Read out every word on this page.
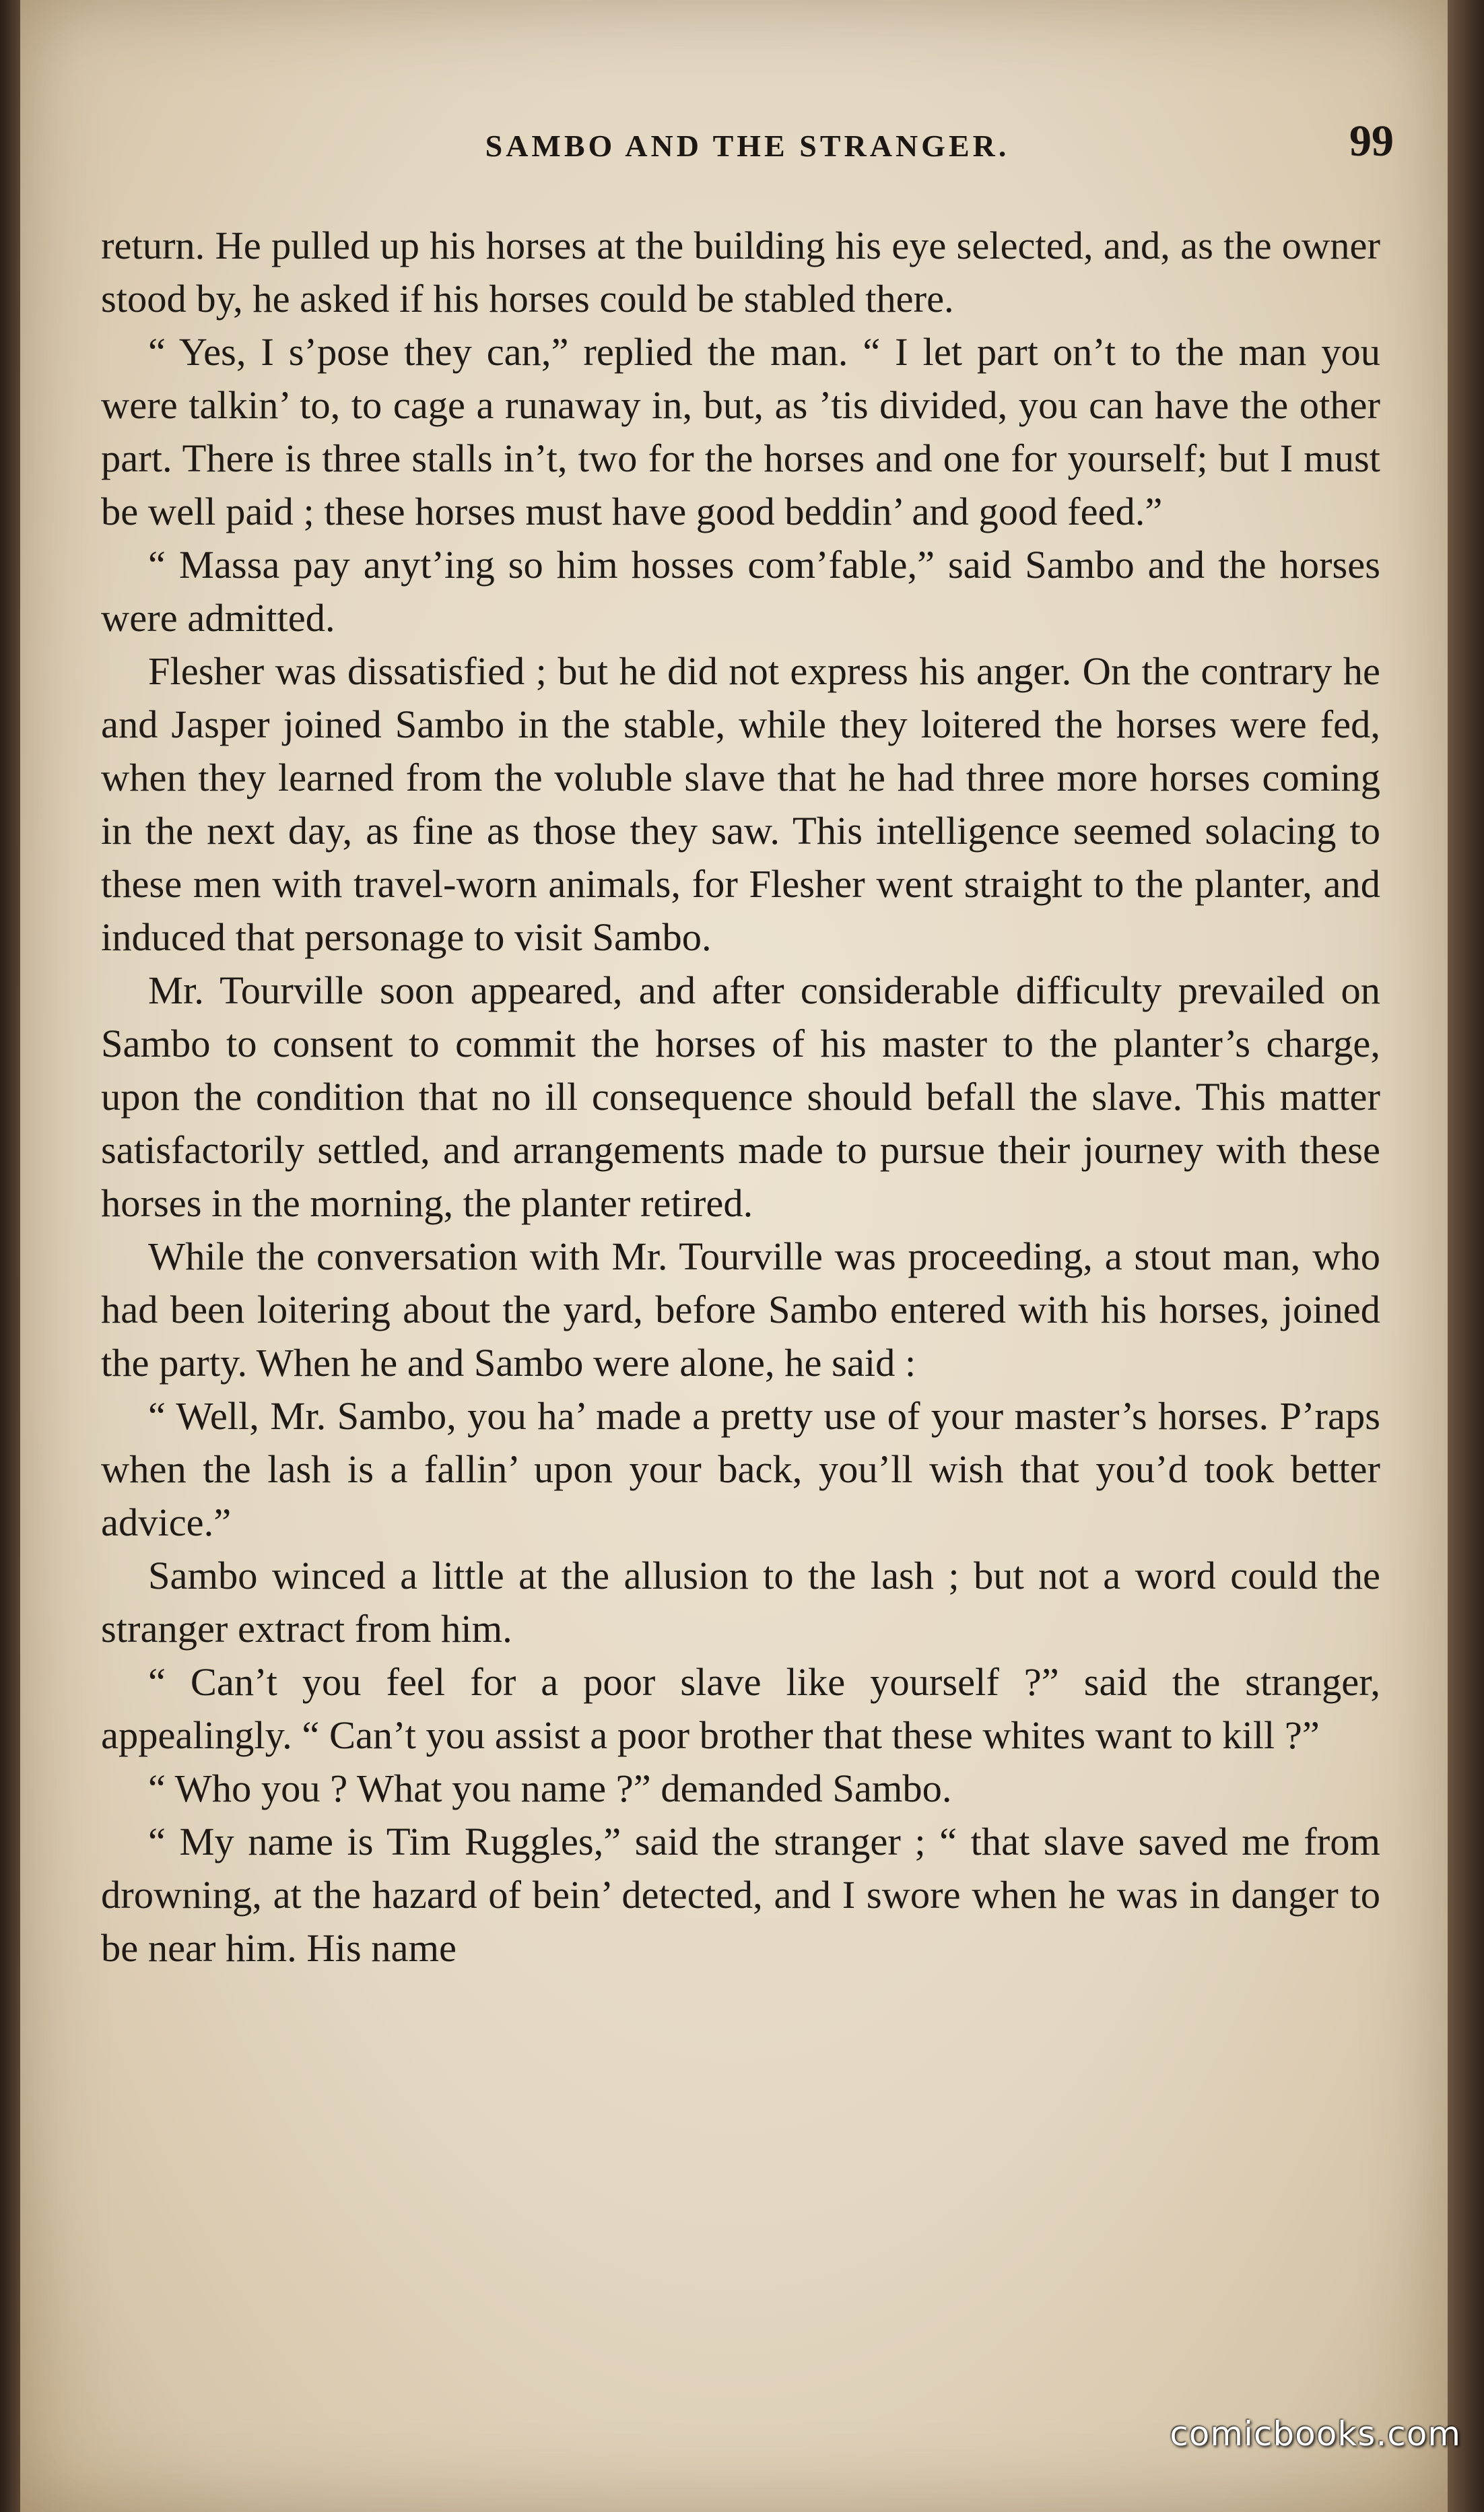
SAMBO AND THE STRANGER.	99

return. He pulled up his horses at the building his eye selected, and, as the owner stood by, he asked if his horses could be stabled there.

“ Yes, I s’pose they can,” replied the man. “ I let part on’t to the man you were talkin’ to, to cage a runaway in, but, as ’tis divided, you can have the other part. There is three stalls in’t, two for the horses and one for yourself; but I must be well paid ; these horses must have good beddin’ and good feed.”

“ Massa pay anyt’ing so him hosses com’fable,” said Sambo and the horses were admitted.

Flesher was dissatisfied ; but he did not express his anger. On the contrary he and Jasper joined Sambo in the stable, while they loitered the horses were fed, when they learned from the voluble slave that he had three more horses coming in the next day, as fine as those they saw. This intelligence seemed solacing to these men with travel-worn animals, for Flesher went straight to the planter, and induced that personage to visit Sambo.

Mr. Tourville soon appeared, and after considerable difficulty prevailed on Sambo to consent to commit the horses of his master to the planter’s charge, upon the condition that no ill consequence should befall the slave. This matter satisfactorily settled, and arrangements made to pursue their journey with these horses in the morning, the planter retired.

While the conversation with Mr. Tourville was proceeding, a stout man, who had been loitering about the yard, before Sambo entered with his horses, joined the party. When he and Sambo were alone, he said :

“ Well, Mr. Sambo, you ha’ made a pretty use of your master’s horses. P’raps when the lash is a fallin’ upon your back, you’ll wish that you’d took better advice.”

Sambo winced a little at the allusion to the lash ; but not a word could the stranger extract from him.

“ Can’t you feel for a poor slave like yourself ?” said the stranger, appealingly. “ Can’t you assist a poor brother that these whites want to kill ?”

“ Who you ? What you name ?” demanded Sambo.

“ My name is Tim Ruggles,” said the stranger ; “ that slave saved me from drowning, at the hazard of bein’ detected, and I swore when he was in danger to be near him. His name

comicbooks.com
